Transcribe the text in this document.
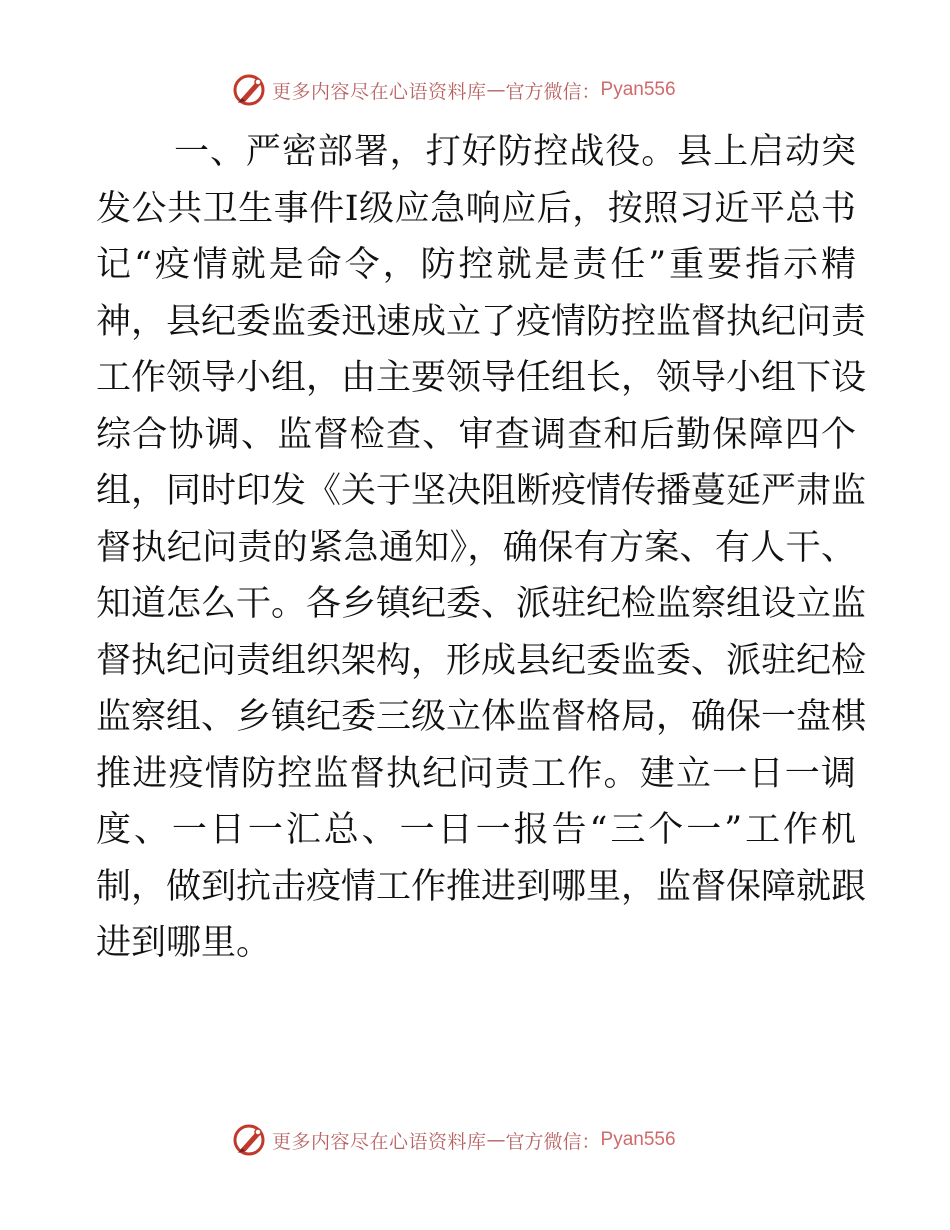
更多内容尽在心语资料库 — 官方微信： Pyan556
一、严密部署，打好防控战役。县上启动突
发公共卫生事件Ⅰ级应急响应后，按照习近平总书
记“疫情就是命令，防控就是责任”重要指示精
神，县纪委监委迅速成立了疫情防控监督执纪问责
工作领导小组，由主要领导任组长，领导小组下设
综合协调、监督检查、审查调查和后勤保障四个
组，同时印发《关于坚决阻断疫情传播蔓延严肃监
督执纪问责的紧急通知》，确保有方案、有人干、
知道怎么干。各乡镇纪委、派驻纪检监察组设立监
督执纪问责组织架构，形成县纪委监委、派驻纪检
监察组、乡镇纪委三级立体监督格局，确保一盘棋
推进疫情防控监督执纪问责工作。建立一日一调
度、一日一汇总、一日一报告“三个一”工作机
制，做到抗击疫情工作推进到哪里，监督保障就跟
进到哪里。
更多内容尽在心语资料库 — 官方微信： Pyan556
